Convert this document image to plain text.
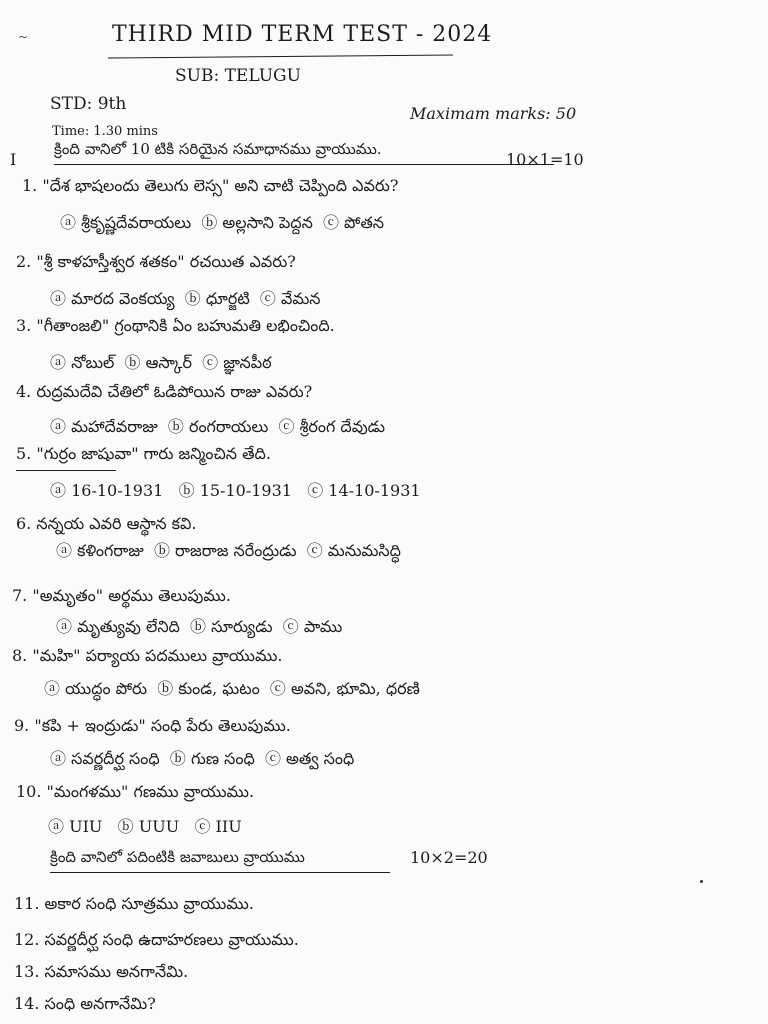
~	THIRD MID TERM TEST - 2024
SUB: TELUGU
STD: 9th	Maximam marks: 50
Time: 1.30 mins
I
క్రింది వానిలో 10 టికి సరియైన సమాధానము వ్రాయుము.
10×1=10
1. "దేశ భాషలందు తెలుగు లెస్స" అని చాటి చెప్పింది ఎవరు?
ⓐ శ్రీకృష్ణదేవరాయలు ⓑ అల్లసాని పెద్దన ⓒ పోతన
2. "శ్రీ కాళహస్తీశ్వర శతకం" రచయిత ఎవరు?
ⓐ మారద వెంకయ్య ⓑ ధూర్జటి ⓒ వేమన
3. "గీతాంజలి" గ్రంథానికి ఏం బహుమతి లభించింది.
ⓐ నోబుల్ ⓑ ఆస్కార్ ⓒ జ్ఞానపీఠ
4. రుద్రమదేవి చేతిలో ఓడిపోయిన రాజు ఎవరు?
ⓐ మహాదేవరాజు ⓑ రంగరాయలు ⓒ శ్రీరంగ దేవుడు
5. "గుర్రం జాషువా" గారు జన్మించిన తేది.
ⓐ 16-10-1931 ⓑ 15-10-1931 ⓒ 14-10-1931
6. నన్నయ ఎవరి ఆస్థాన కవి.
ⓐ కళింగరాజు ⓑ రాజరాజ నరేంద్రుడు ⓒ మనుమసిద్ధి
7. "అమృతం" అర్థము తెలుపుము.
ⓐ మృత్యువు లేనిది ⓑ సూర్యుడు ⓒ పాము
8. "మహి" పర్యాయ పదములు వ్రాయుము.
ⓐ యుద్ధం పోరు ⓑ కుండ, ఘటం ⓒ అవని, భూమి, ధరణి
9. "కపి + ఇంద్రుడు" సంధి పేరు తెలుపుము.
ⓐ సవర్ణదీర్ఘ సంధి ⓑ గుణ సంధి ⓒ అత్వ సంధి
10. "మంగళము" గణము వ్రాయుము.
ⓐ UIU ⓑ UUU ⓒ IIU
క్రింది వానిలో పదింటికి జవాబులు వ్రాయుము	10×2=20
11. అకార సంధి సూత్రము వ్రాయుము.
12. సవర్ణదీర్ఘ సంధి ఉదాహరణలు వ్రాయుము.
13. సమాసము అనగానేమి.
14. సంధి అనగానేమి?
